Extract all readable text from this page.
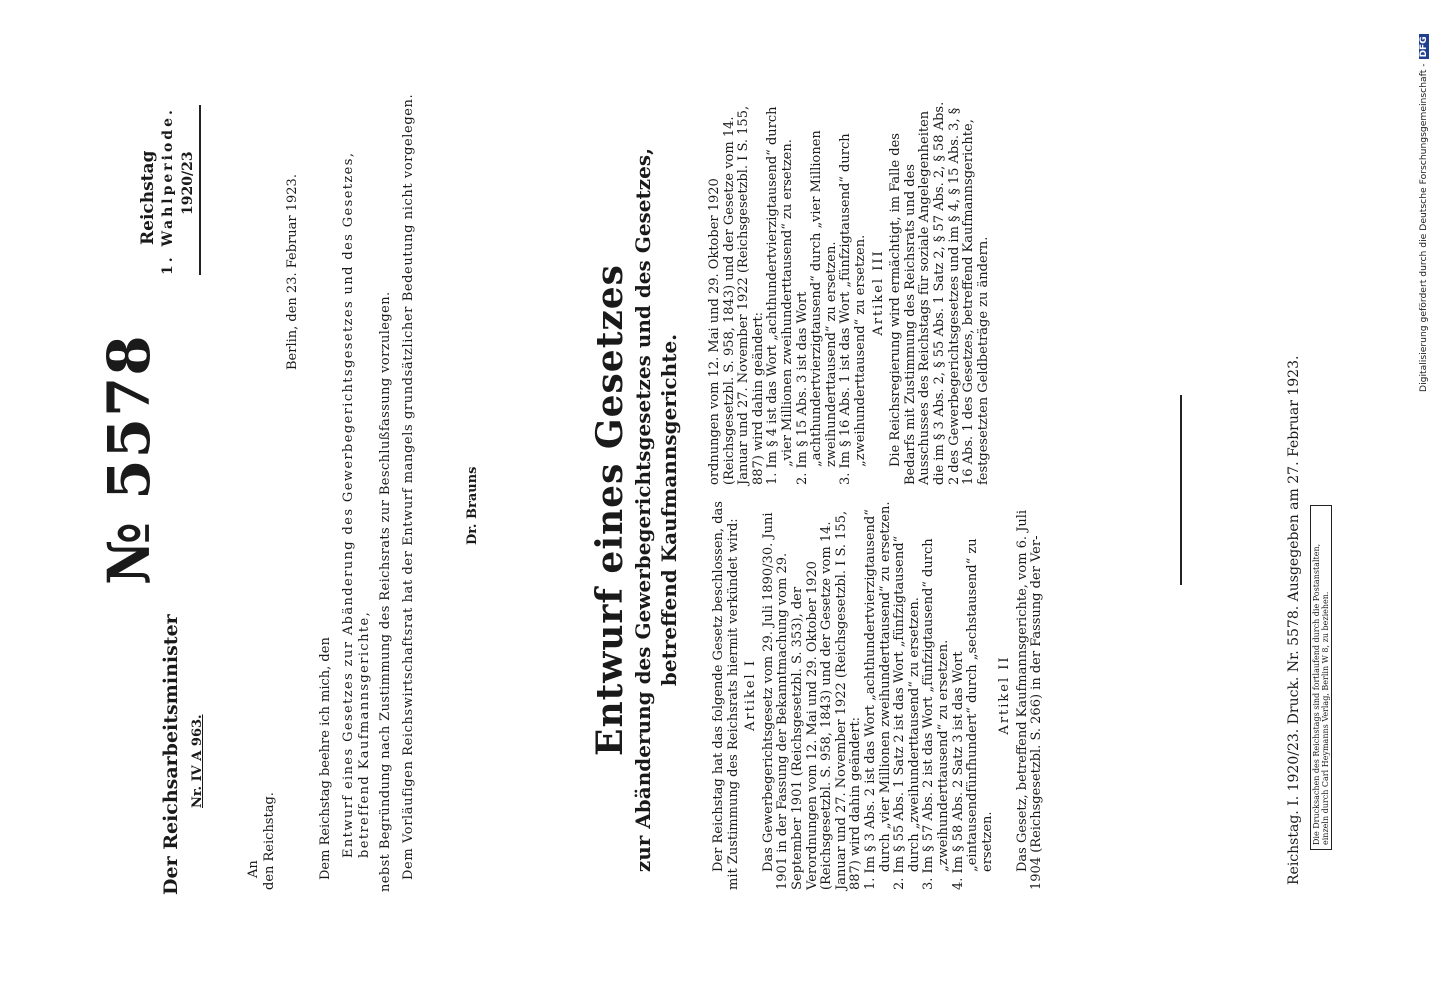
№ 5578
Der Reichsarbeitsminister Nr. IV A 963.
An den Reichstag.
Reichstag 1. Wahlperiode. 1920/23	Berlin, den 23. Februar 1923.
Dem Reichstag beehre ich mich, den Entwurf eines Gesetzes zur Abänderung des Gewerbegerichtsgesetzes und des Gesetzes, betreffend Kaufmannsgerichte, nebst Begründung nach Zustimmung des Reichsrats zur Beschlußfassung vorzulegen. Dem Vorläufigen Reichswirtschaftsrat hat der Entwurf mangels grundsätzlicher Bedeutung nicht vorgelegen.	Dr. Brauns	Entwurf eines Gesetzes zur Abänderung des Gewerbegerichtsgesetzes und des Gesetzes, betreffend Kaufmannsgerichte. Der Reichstag hat das folgende Gesetz beschlossen, das mit Zustimmung des Reichsrats hiermit verkündet wird: Artikel I Das Gewerbegerichtsgesetz vom 29. Juli 1890/30. Juni 1901 in der Fassung der Bekanntmachung vom 29. September 1901 (Reichsgesetzbl. S. 353), der Verordnungen vom 12. Mai und 29. Oktober 1920 (Reichsgesetzbl. S. 958, 1843) und der Gesetze vom 14. Januar und 27. November 1922 (Reichsgesetzbl. I S. 155, 887) wird dahin geändert: 1. Im § 3 Abs. 2 ist das Wort „achthundertvierzigtausend“ durch „vier Millionen zweihunderttausend“ zu ersetzen. 2. Im § 55 Abs. 1 Satz 2 ist das Wort „fünfzigtausend“ durch „zweihunderttausend“ zu ersetzen. 3. Im § 57 Abs. 2 ist das Wort „fünfzigtausend“ durch „zweihunderttausend“ zu ersetzen. 4. Im § 58 Abs. 2 Satz 3 ist das Wort „eintausendfünfhundert“ durch „sechstausend“ zu ersetzen.

Artikel II Das Gesetz, betreffend Kaufmannsgerichte, vom 6. Juli 1904 (Reichsgesetzbl. S. 266) in der Fassung der Ver-

ordnungen vom 12. Mai und 29. Oktober 1920 (Reichsgesetzbl. S. 958, 1843) und der Gesetze vom 14. Januar und 27. November 1922 (Reichsgesetzbl. I S. 155, 887) wird dahin geändert: 1. Im § 4 ist das Wort „achthundertvierzigtausend“ durch „vier Millionen zweihunderttausend“ zu ersetzen. 2. Im § 15 Abs. 3 ist das Wort „achthundertvierzigtausend“ durch „vier Millionen zweihunderttausend“ zu ersetzen. 3. Im § 16 Abs. 1 ist das Wort „fünfzigtausend“ durch „zweihunderttausend“ zu ersetzen. Artikel III Die Reichsregierung wird ermächtigt, im Falle des Bedarfs mit Zustimmung des Reichsrats und des Ausschusses des Reichstags für soziale Angelegenheiten die im § 3 Abs. 2, § 55 Abs. 1 Satz 2, § 57 Abs. 2, § 58 Abs. 2 des Gewerbegerichtsgesetzes und im § 4, § 15 Abs. 3, § 16 Abs. 1 des Gesetzes, betreffend Kaufmannsgerichte, festgesetzten Geldbeträge zu ändern.	Reichstag. I. 1920/23. Druck. Nr. 5578. Ausgegeben am 27. Februar 1923. Die Drucksachen des Reichstags sind fortlaufend durch die Postanstalten, einzeln durch Carl Heymanns Verlag, Berlin W 8, zu beziehen.
Digitalisierung gefördert durch die Deutsche Forschungsgemeinschaft -DFG
